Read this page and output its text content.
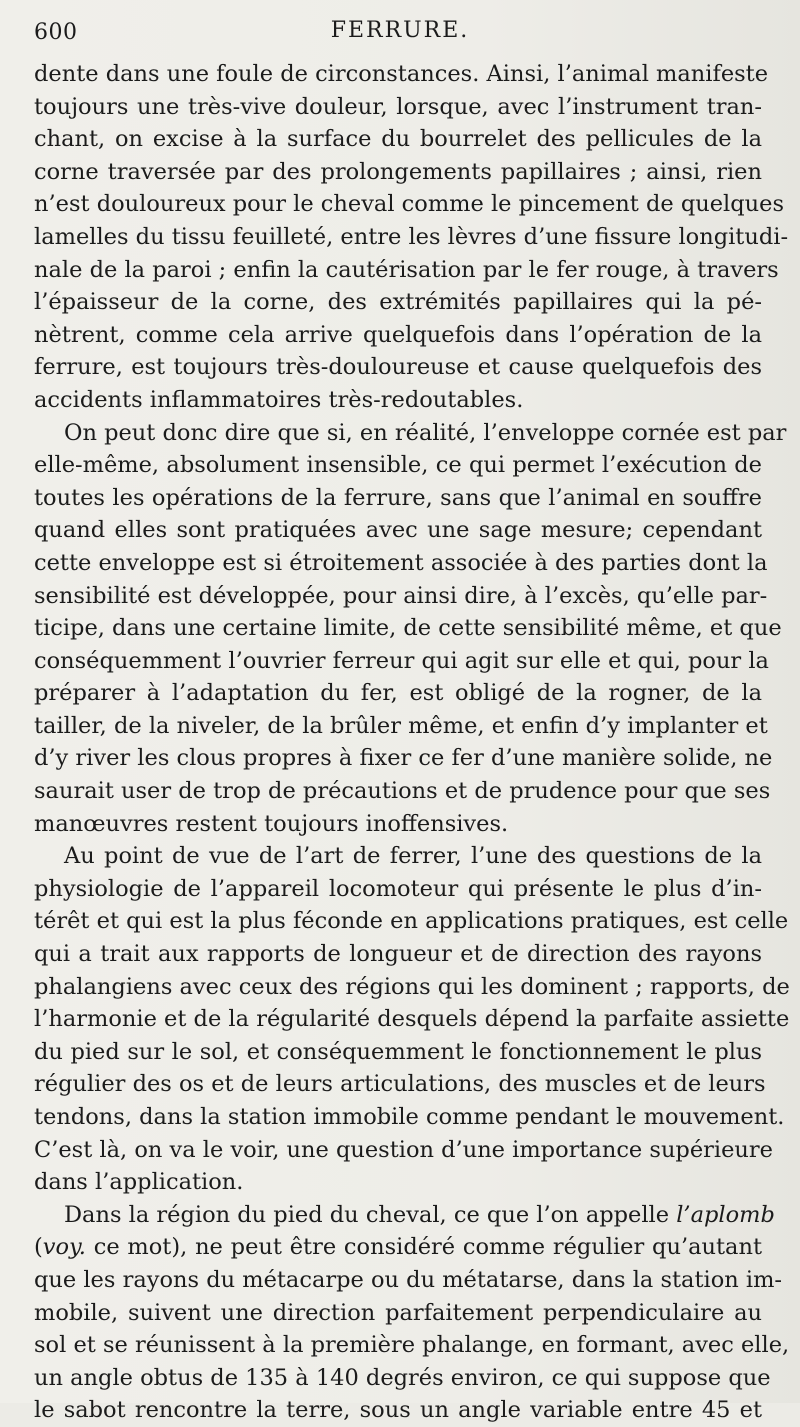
600	FERRURE.
dente dans une foule de circonstances. Ainsi, l’animal manifeste
toujours une très-vive douleur, lorsque, avec l’instrument tran-
chant, on excise à la surface du bourrelet des pellicules de la
corne traversée par des prolongements papillaires ; ainsi, rien
n’est douloureux pour le cheval comme le pincement de quelques
lamelles du tissu feuilleté, entre les lèvres d’une fissure longitudi-
nale de la paroi ; enfin la cautérisation par le fer rouge, à travers
l’épaisseur de la corne, des extrémités papillaires qui la pé-
nètrent, comme cela arrive quelquefois dans l’opération de la
ferrure, est toujours très-douloureuse et cause quelquefois des
accidents inflammatoires très-redoutables.
On peut donc dire que si, en réalité, l’enveloppe cornée est par
elle-même, absolument insensible, ce qui permet l’exécution de
toutes les opérations de la ferrure, sans que l’animal en souffre
quand elles sont pratiquées avec une sage mesure; cependant
cette enveloppe est si étroitement associée à des parties dont la
sensibilité est développée, pour ainsi dire, à l’excès, qu’elle par-
ticipe, dans une certaine limite, de cette sensibilité même, et que
conséquemment l’ouvrier ferreur qui agit sur elle et qui, pour la
préparer à l’adaptation du fer, est obligé de la rogner, de la
tailler, de la niveler, de la brûler même, et enfin d’y implanter et
d’y river les clous propres à fixer ce fer d’une manière solide, ne
saurait user de trop de précautions et de prudence pour que ses
manœuvres restent toujours inoffensives.
Au point de vue de l’art de ferrer, l’une des questions de la
physiologie de l’appareil locomoteur qui présente le plus d’in-
térêt et qui est la plus féconde en applications pratiques, est celle
qui a trait aux rapports de longueur et de direction des rayons
phalangiens avec ceux des régions qui les dominent ; rapports, de
l’harmonie et de la régularité desquels dépend la parfaite assiette
du pied sur le sol, et conséquemment le fonctionnement le plus
régulier des os et de leurs articulations, des muscles et de leurs
tendons, dans la station immobile comme pendant le mouvement.
C’est là, on va le voir, une question d’une importance supérieure
dans l’application.
Dans la région du pied du cheval, ce que l’on appelle l’aplomb
(voy. ce mot), ne peut être considéré comme régulier qu’autant
que les rayons du métacarpe ou du métatarse, dans la station im-
mobile, suivent une direction parfaitement perpendiculaire au
sol et se réunissent à la première phalange, en formant, avec elle,
un angle obtus de 135 à 140 degrés environ, ce qui suppose que
le sabot rencontre la terre, sous un angle variable entre 45 et
